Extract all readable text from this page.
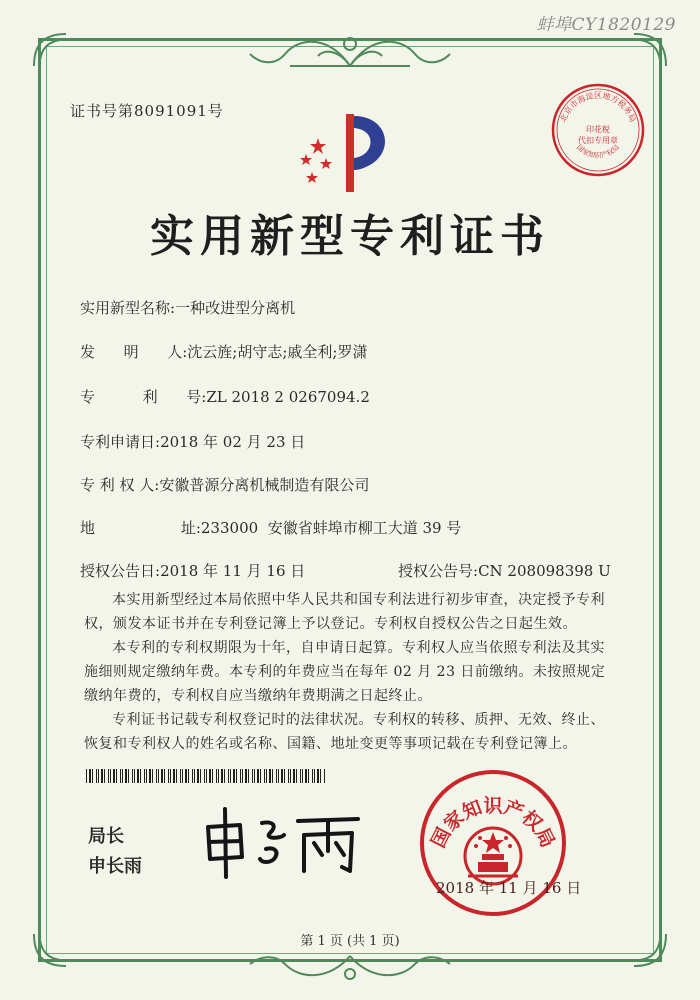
蚌埠CY1820129
证书号第8091091号	北京市海淀区地方税务局
印花税
代扣专用章
国家知识产权局
实用新型专利证书
实用新型名称:一种改进型分离机
发      明      人:沈云旌;胡守志;戚全利;罗潇
专          利      号:ZL 2018 2 0267094.2
专利申请日:2018 年 02 月 23 日
专 利 权 人:安徽普源分离机械制造有限公司
地                  址:233000  安徽省蚌埠市柳工大道 39 号
授权公告日:2018 年 11 月 16 日	授权公告号:CN 208098398 U
本实用新型经过本局依照中华人民共和国专利法进行初步审查，决定授予专利权，颁发本证书并在专利登记簿上予以登记。专利权自授权公告之日起生效。
本专利的专利权期限为十年，自申请日起算。专利权人应当依照专利法及其实施细则规定缴纳年费。本专利的年费应当在每年 02 月 23 日前缴纳。未按照规定缴纳年费的，专利权自应当缴纳年费期满之日起终止。
专利证书记载专利权登记时的法律状况。专利权的转移、质押、无效、终止、恢复和专利权人的姓名或名称、国籍、地址变更等事项记载在专利登记簿上。
局长
申长雨
国家知识产权局
2018 年 11 月 16 日
第 1 页 (共 1 页)
